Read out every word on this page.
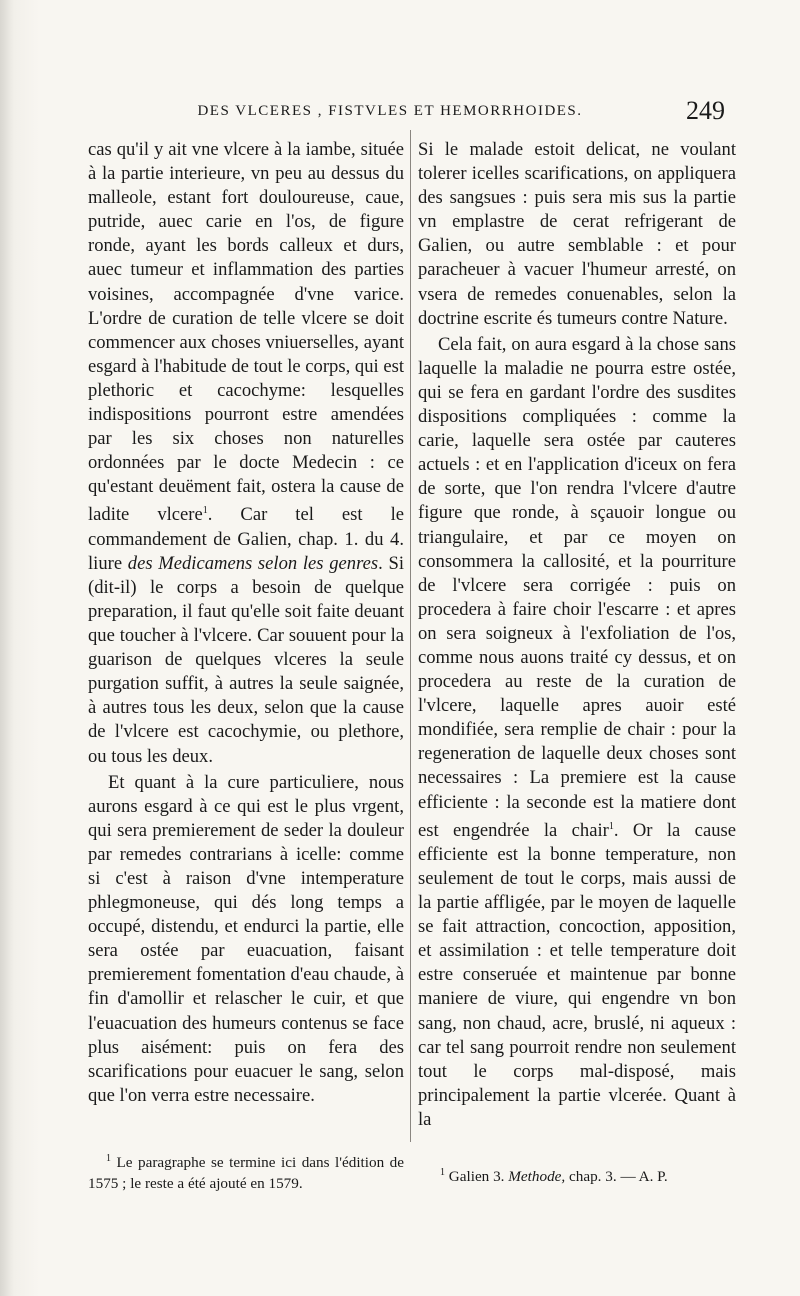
DES VLCERES , FISTVLES ET HEMORRHOIDES.	249

cas qu'il y ait vne vlcere à la iambe, située à la partie interieure, vn peu au dessus du malleole, estant fort douloureuse, caue, putride, auec carie en l'os, de figure ronde, ayant les bords calleux et durs, auec tumeur et inflammation des parties voisines, accompagnée d'vne varice. L'ordre de curation de telle vlcere se doit commencer aux choses vniuerselles, ayant esgard à l'habitude de tout le corps, qui est plethoric et cacochyme: lesquelles indispositions pourront estre amendées par les six choses non naturelles ordonnées par le docte Medecin : ce qu'estant deuëment fait, ostera la cause de ladite vlcere$^1$. Car tel est le commandement de Galien, chap. 1. du 4. liure des Medicamens selon les genres. Si (dit-il) le corps a besoin de quelque preparation, il faut qu'elle soit faite deuant que toucher à l'vlcere. Car souuent pour la guarison de quelques vlceres la seule purgation suffit, à autres la seule saignée, à autres tous les deux, selon que la cause de l'vlcere est cacochymie, ou plethore, ou tous les deux.

Et quant à la cure particuliere, nous aurons esgard à ce qui est le plus vrgent, qui sera premierement de seder la douleur par remedes contrarians à icelle: comme si c'est à raison d'vne intemperature phlegmoneuse, qui dés long temps a occupé, distendu, et endurci la partie, elle sera ostée par euacuation, faisant premierement fomentation d'eau chaude, à fin d'amollir et relascher le cuir, et que l'euacuation des humeurs contenus se face plus aisément: puis on fera des scarifications pour euacuer le sang, selon que l'on verra estre necessaire.

Si le malade estoit delicat, ne voulant tolerer icelles scarifications, on appliquera des sangsues : puis sera mis sus la partie vn emplastre de cerat refrigerant de Galien, ou autre semblable : et pour paracheuer à vacuer l'humeur arresté, on vsera de remedes conuenables, selon la doctrine escrite és tumeurs contre Nature.

Cela fait, on aura esgard à la chose sans laquelle la maladie ne pourra estre ostée, qui se fera en gardant l'ordre des susdites dispositions compliquées : comme la carie, laquelle sera ostée par cauteres actuels : et en l'application d'iceux on fera de sorte, que l'on rendra l'vlcere d'autre figure que ronde, à sçauoir longue ou triangulaire, et par ce moyen on consommera la callosité, et la pourriture de l'vlcere sera corrigée : puis on procedera à faire choir l'escarre : et apres on sera soigneux à l'exfoliation de l'os, comme nous auons traité cy dessus, et on procedera au reste de la curation de l'vlcere, laquelle apres auoir esté mondifiée, sera remplie de chair : pour la regeneration de laquelle deux choses sont necessaires : La premiere est la cause efficiente : la seconde est la matiere dont est engendrée la chair$^1$. Or la cause efficiente est la bonne temperature, non seulement de tout le corps, mais aussi de la partie affligée, par le moyen de laquelle se fait attraction, concoction, apposition, et assimilation : et telle temperature doit estre conseruée et maintenue par bonne maniere de viure, qui engendre vn bon sang, non chaud, acre, bruslé, ni aqueux : car tel sang pourroit rendre non seulement tout le corps mal-disposé, mais principalement la partie vlcerée. Quant à la

$^1$ Le paragraphe se termine ici dans l'édition de 1575 ; le reste a été ajouté en 1579.
$^1$ Galien 3. Methode, chap. 3. — A. P.
